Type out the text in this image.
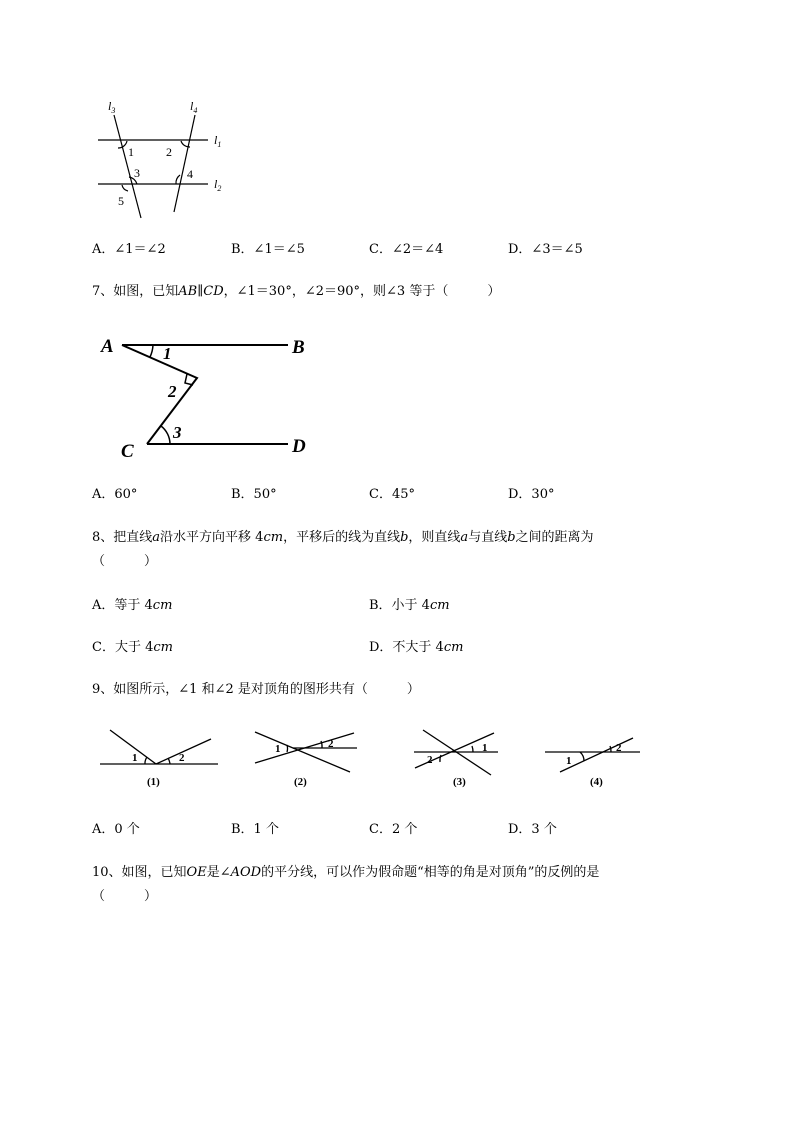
$l_3$	$l_4$
$l_1$
$l_2$
1	2
3	4
5
A．∠1＝∠2	B．∠1＝∠5	C．∠2＝∠4	D．∠3＝∠5
7、如图，已知AB∥CD，∠1＝30°，∠2＝90°，则∠3 等于（　　　）
A	B
C	D
1
2
3
A．60°	B．50°	C．45°	D．30°
8、把直线a沿水平方向平移 4cm，平移后的线为直线b，则直线a与直线b之间的距离为
（　　　）
A．等于 4cm	B．小于 4cm
C．大于 4cm	D．不大于 4cm
9、如图所示，∠1 和∠2 是对顶角的图形共有（　　　）
1	2
(1)
1	2
(2)
2
1
(3)
1
2
(4)
A．0 个	B．1 个	C．2 个	D．3 个
10、如图，已知OE是∠AOD的平分线，可以作为假命题“相等的角是对顶角”的反例的是
（　　　）
